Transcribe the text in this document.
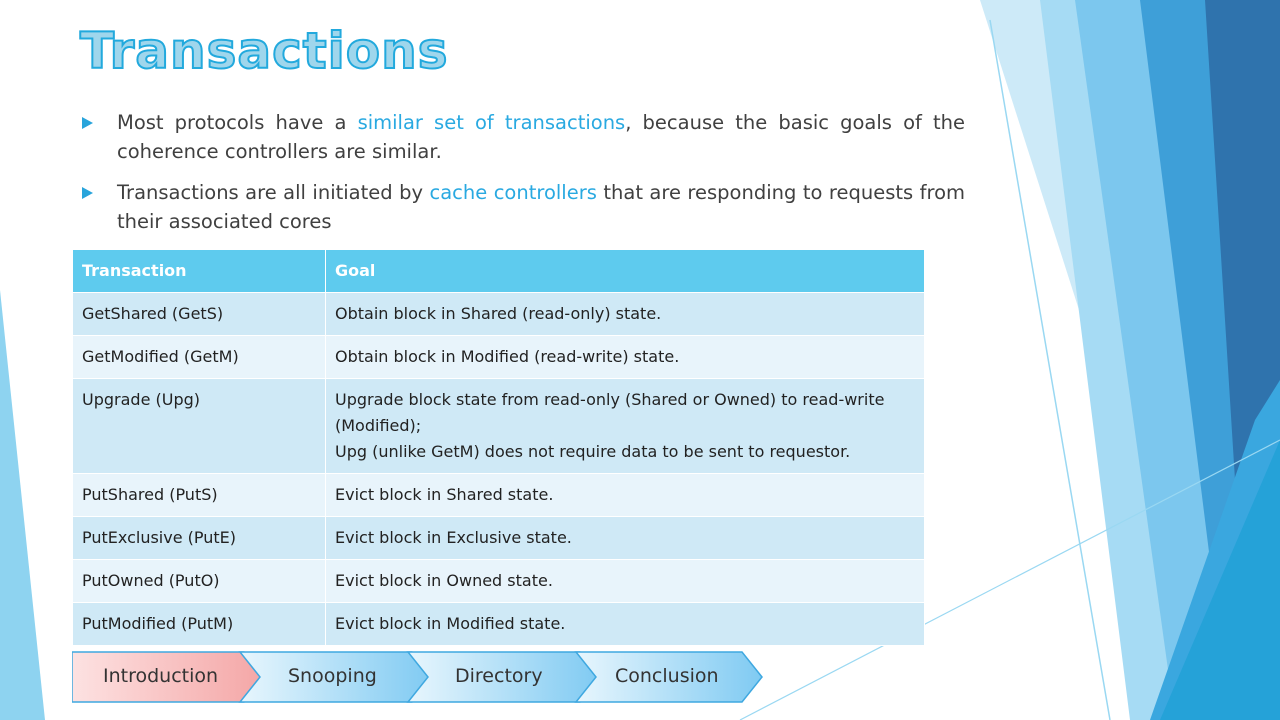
Transactions
Most protocols have a similar set of transactions, because the basic goals of the coherence controllers are similar.
Transactions are all initiated by cache controllers that are responding to requests from their associated cores
Transaction	Goal
GetShared (GetS)	Obtain block in Shared (read-only) state.
GetModified (GetM)	Obtain block in Modified (read-write) state.
Upgrade (Upg)	Upgrade block state from read-only (Shared or Owned) to read-write (Modified);
Upg (unlike GetM) does not require data to be sent to requestor.
PutShared (PutS)	Evict block in Shared state.
PutExclusive (PutE)	Evict block in Exclusive state.
PutOwned (PutO)	Evict block in Owned state.
PutModified (PutM)	Evict block in Modified state.
Introduction	Snooping	Directory	Conclusion
